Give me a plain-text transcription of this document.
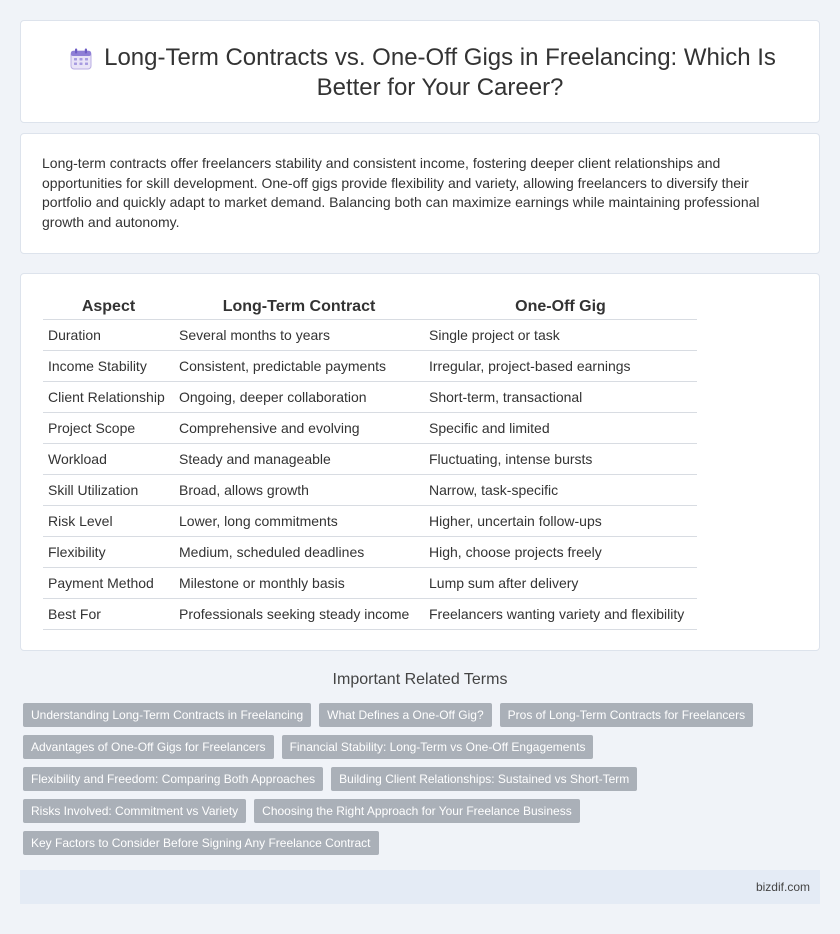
Long-Term Contracts vs. One-Off Gigs in Freelancing: Which Is Better for Your Career?

Long-term contracts offer freelancers stability and consistent income, fostering deeper client relationships and opportunities for skill development. One-off gigs provide flexibility and variety, allowing freelancers to diversify their portfolio and quickly adapt to market demand. Balancing both can maximize earnings while maintaining professional growth and autonomy.

Aspect	Long-Term Contract	One-Off Gig
Duration	Several months to years	Single project or task
Income Stability	Consistent, predictable payments	Irregular, project-based earnings
Client Relationship	Ongoing, deeper collaboration	Short-term, transactional
Project Scope	Comprehensive and evolving	Specific and limited
Workload	Steady and manageable	Fluctuating, intense bursts
Skill Utilization	Broad, allows growth	Narrow, task-specific
Risk Level	Lower, long commitments	Higher, uncertain follow-ups
Flexibility	Medium, scheduled deadlines	High, choose projects freely
Payment Method	Milestone or monthly basis	Lump sum after delivery
Best For	Professionals seeking steady income	Freelancers wanting variety and flexibility
Important Related Terms
Understanding Long-Term Contracts in Freelancing	What Defines a One-Off Gig?	Pros of Long-Term Contracts for Freelancers
Advantages of One-Off Gigs for Freelancers	Financial Stability: Long-Term vs One-Off Engagements
Flexibility and Freedom: Comparing Both Approaches	Building Client Relationships: Sustained vs Short-Term
Risks Involved: Commitment vs Variety	Choosing the Right Approach for Your Freelance Business
Key Factors to Consider Before Signing Any Freelance Contract
bizdif.com
